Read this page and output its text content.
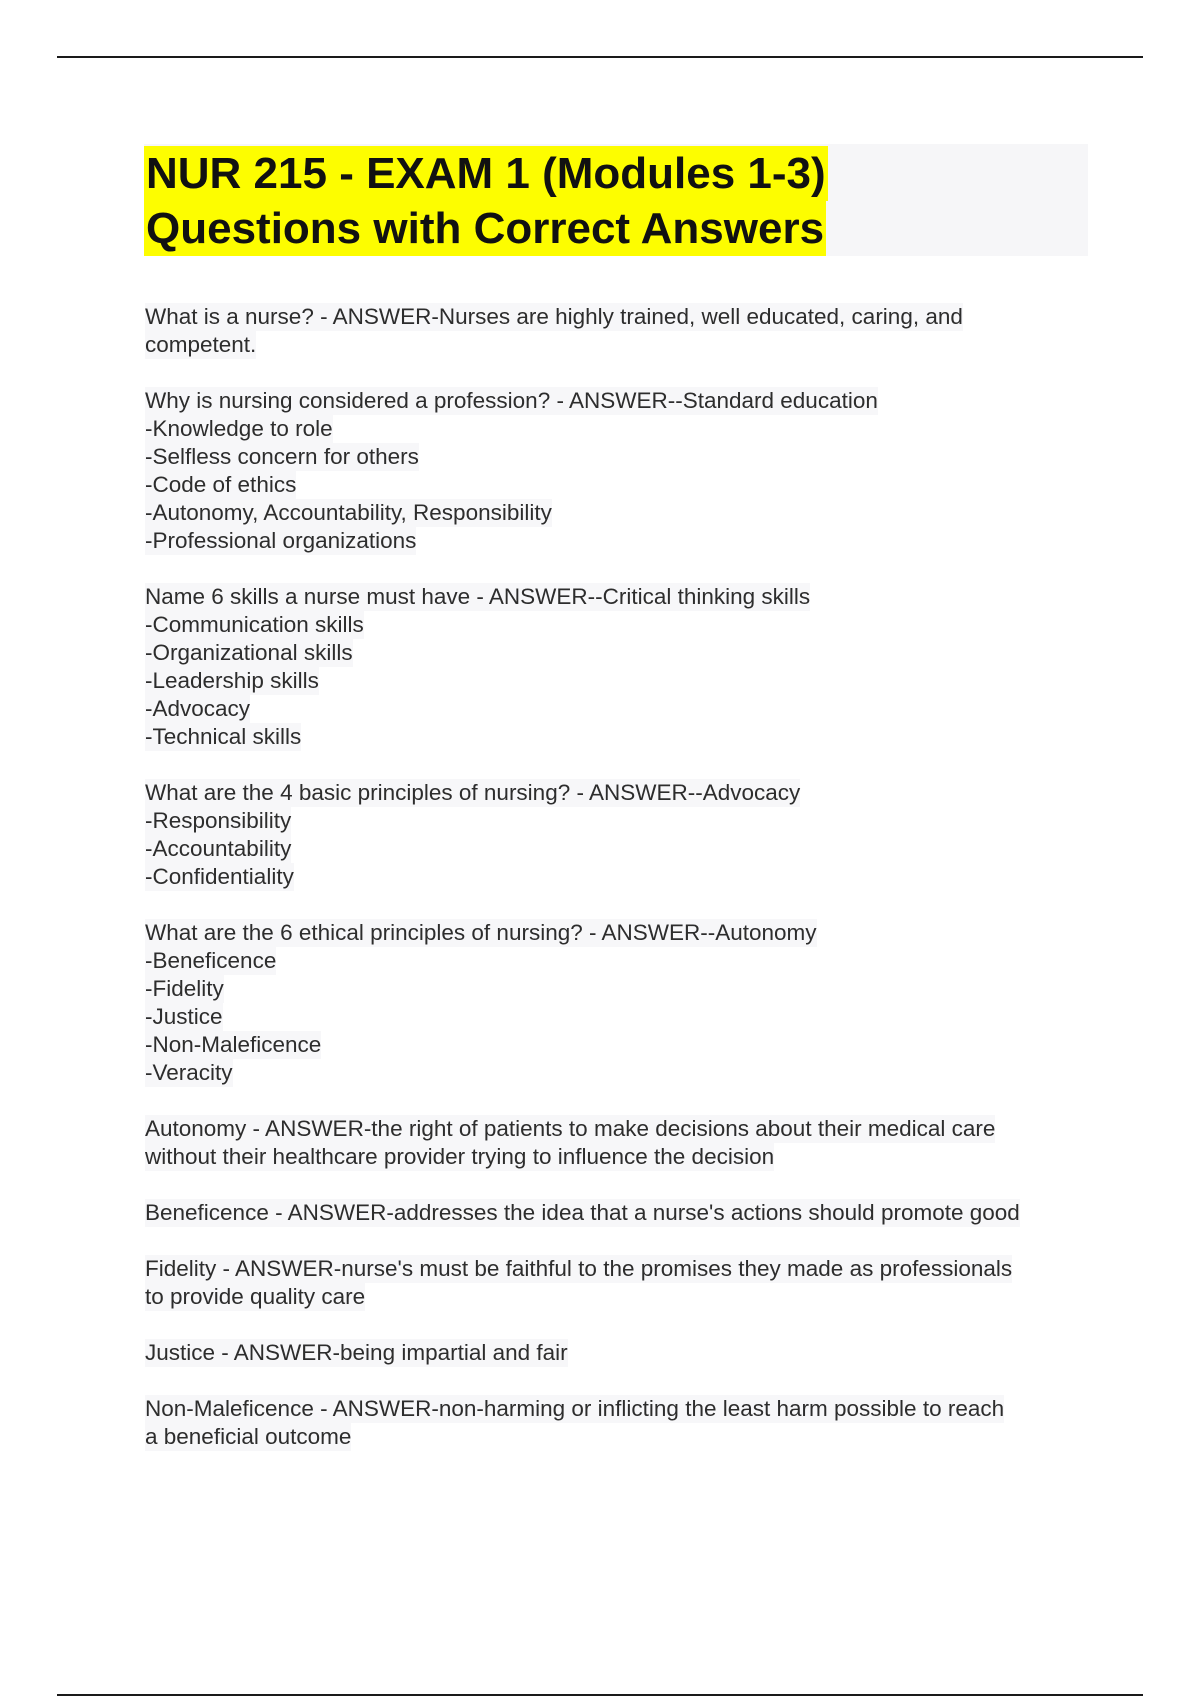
NUR 215 - EXAM 1 (Modules 1-3)
Questions with Correct Answers
What is a nurse? - ANSWER-Nurses are highly trained, well educated, caring, and
competent.
Why is nursing considered a profession? - ANSWER--Standard education
-Knowledge to role
-Selfless concern for others
-Code of ethics
-Autonomy, Accountability, Responsibility
-Professional organizations
Name 6 skills a nurse must have - ANSWER--Critical thinking skills
-Communication skills
-Organizational skills
-Leadership skills
-Advocacy
-Technical skills
What are the 4 basic principles of nursing? - ANSWER--Advocacy
-Responsibility
-Accountability
-Confidentiality
What are the 6 ethical principles of nursing? - ANSWER--Autonomy
-Beneficence
-Fidelity
-Justice
-Non-Maleficence
-Veracity
Autonomy - ANSWER-the right of patients to make decisions about their medical care
without their healthcare provider trying to influence the decision
Beneficence - ANSWER-addresses the idea that a nurse's actions should promote good
Fidelity - ANSWER-nurse's must be faithful to the promises they made as professionals
to provide quality care
Justice - ANSWER-being impartial and fair
Non-Maleficence - ANSWER-non-harming or inflicting the least harm possible to reach
a beneficial outcome
